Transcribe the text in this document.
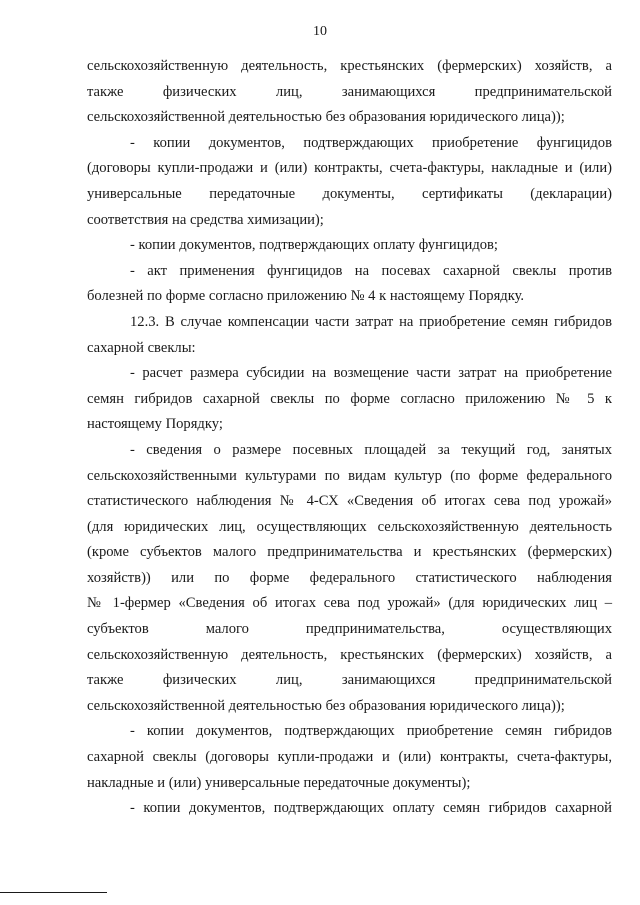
10
сельскохозяйственную деятельность, крестьянских (фермерских) хозяйств, а
также физических лиц, занимающихся предпринимательской
сельскохозяйственной деятельностью без образования юридического лица));
- копии документов, подтверждающих приобретение фунгицидов
(договоры купли-продажи и (или) контракты, счета-фактуры, накладные и (или)
универсальные передаточные документы, сертификаты (декларации)
соответствия на средства химизации);
- копии документов, подтверждающих оплату фунгицидов;
- акт применения фунгицидов на посевах сахарной свеклы против
болезней по форме согласно приложению № 4 к настоящему Порядку.
12.3. В случае компенсации части затрат на приобретение семян гибридов
сахарной свеклы:
- расчет размера субсидии на возмещение части затрат на приобретение
семян гибридов сахарной свеклы по форме согласно приложению № 5 к
настоящему Порядку;
- сведения о размере посевных площадей за текущий год, занятых
сельскохозяйственными культурами по видам культур (по форме федерального
статистического наблюдения № 4-СХ «Сведения об итогах сева под урожай»
(для юридических лиц, осуществляющих сельскохозяйственную деятельность
(кроме субъектов малого предпринимательства и крестьянских (фермерских)
хозяйств)) или по форме федерального статистического наблюдения
№ 1-фермер «Сведения об итогах сева под урожай» (для юридических лиц –
субъектов малого предпринимательства, осуществляющих
сельскохозяйственную деятельность, крестьянских (фермерских) хозяйств, а
также физических лиц, занимающихся предпринимательской
сельскохозяйственной деятельностью без образования юридического лица));
- копии документов, подтверждающих приобретение семян гибридов
сахарной свеклы (договоры купли-продажи и (или) контракты, счета-фактуры,
накладные и (или) универсальные передаточные документы);
- копии документов, подтверждающих оплату семян гибридов сахарной
